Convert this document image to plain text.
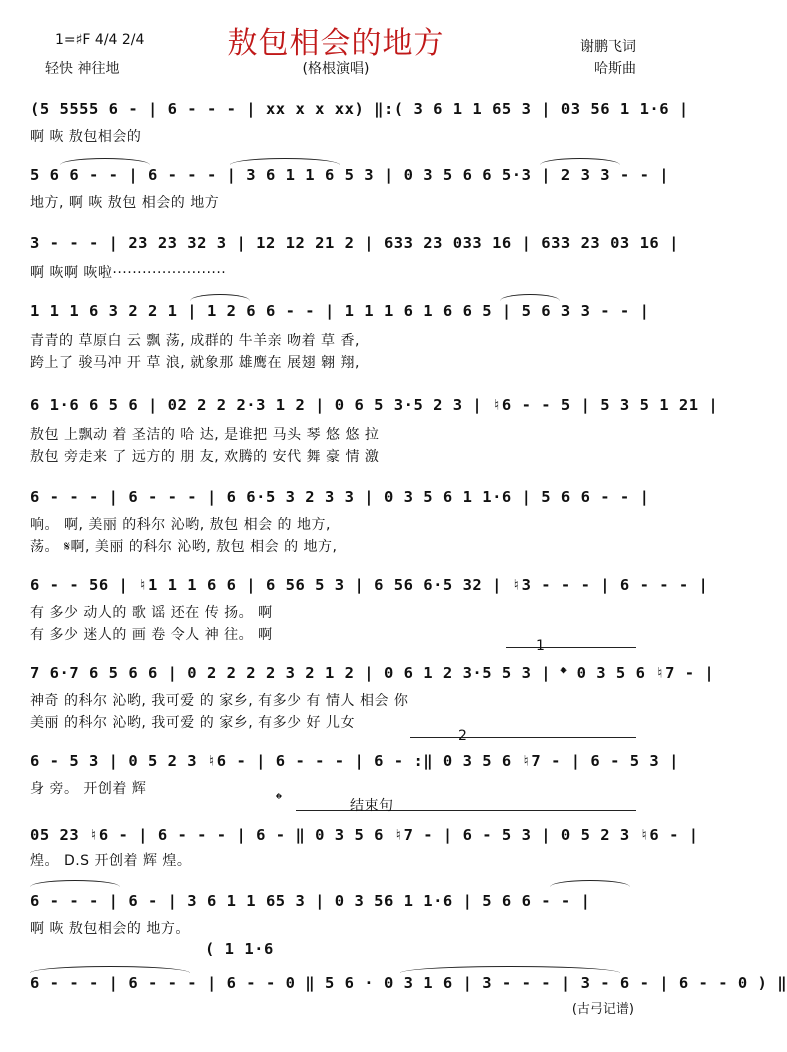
1=♯F 4/4 2/4	敖包相会的地方	谢鹏飞词
轻快 神往地	(格根演唱)	哈斯曲
(5 5555 6 - | 6 - - - | xx x x xx) ‖:( 3 6 1 1 65 3 | 03 56 1 1·6 |
啊 咴 敖包相会的
5 6 6 - - | 6 - - - | 3 6 1 1 6 5 3 | 0 3 5 6 6 5·3 | 2 3 3 - - |
地方, 啊 咴 敖包 相会的 地方
3 - - - | 23 23 32 3 | 12 12 21 2 | 633 23 033 16 | 633 23 03 16 |
啊 咴啊 咴啦·······················
1 1 1 6 3 2 2 1 | 1 2 6 6 - - | 1 1 1 6 1 6 6 5 | 5 6 3 3 - - |
青青的 草原白 云 飘 荡, 成群的 牛羊亲 吻着 草 香,
跨上了 骏马冲 开 草 浪, 就象那 雄鹰在 展翅 翱 翔,
6 1·6 6 5 6 | 02 2 2 2·3 1 2 | 0 6 5 3·5 2 3 | ♮6 - - 5 | 5 3 5 1 21 |
敖包 上飘动 着 圣洁的 哈 达, 是谁把 马头 琴 悠 悠 拉
敖包 旁走来 了 远方的 朋 友, 欢腾的 安代 舞 豪 情 激
6 - - - | 6 - - - | 6 6·5 3 2 3 3 | 0 3 5 6 1 1·6 | 5 6 6 - - |
响。 啊, 美丽 的科尔 沁哟, 敖包 相会 的 地方,
荡。 𝄋啊, 美丽 的科尔 沁哟, 敖包 相会 的 地方,
6 - - 56 | ♮1 1 1 6 6 | 6 56 5 3 | 6 56 6·5 32 | ♮3 - - - | 6 - - - |
有 多少 动人的 歌 谣 还在 传 扬。 啊
有 多少 迷人的 画 卷 令人 神 往。 啊
1
7 6·7 6 5 6 6 | 0 2 2 2 2 3 2 1 2 | 0 6 1 2 3·5 5 3 | 𝄌 0 3 5 6 ♮7 - |
神奇 的科尔 沁哟, 我可爱 的 家乡, 有多少 有 情人 相会 你
美丽 的科尔 沁哟, 我可爱 的 家乡, 有多少 好 儿女
2
6 - 5 3 | 0 5 2 3 ♮6 - | 6 - - - | 6 - :‖ 0 3 5 6 ♮7 - | 6 - 5 3 |
身 旁。 开创着 辉
𝄌	结束句
05 23 ♮6 - | 6 - - - | 6 - ‖ 0 3 5 6 ♮7 - | 6 - 5 3 | 0 5 2 3 ♮6 - |
煌。 D.S 开创着 辉 煌。
6 - - - | 6 - | 3 6 1 1 65 3 | 0 3 56 1 1·6 | 5 6 6 - - |
啊 咴 敖包相会的 地方。
( 1 1·6
6 - - - | 6 - - - | 6 - - 0 ‖ 5 6 · 0 3 1 6 | 3 - - - | 3 - 6 - | 6 - - 0 ) ‖
(古弓记谱)
